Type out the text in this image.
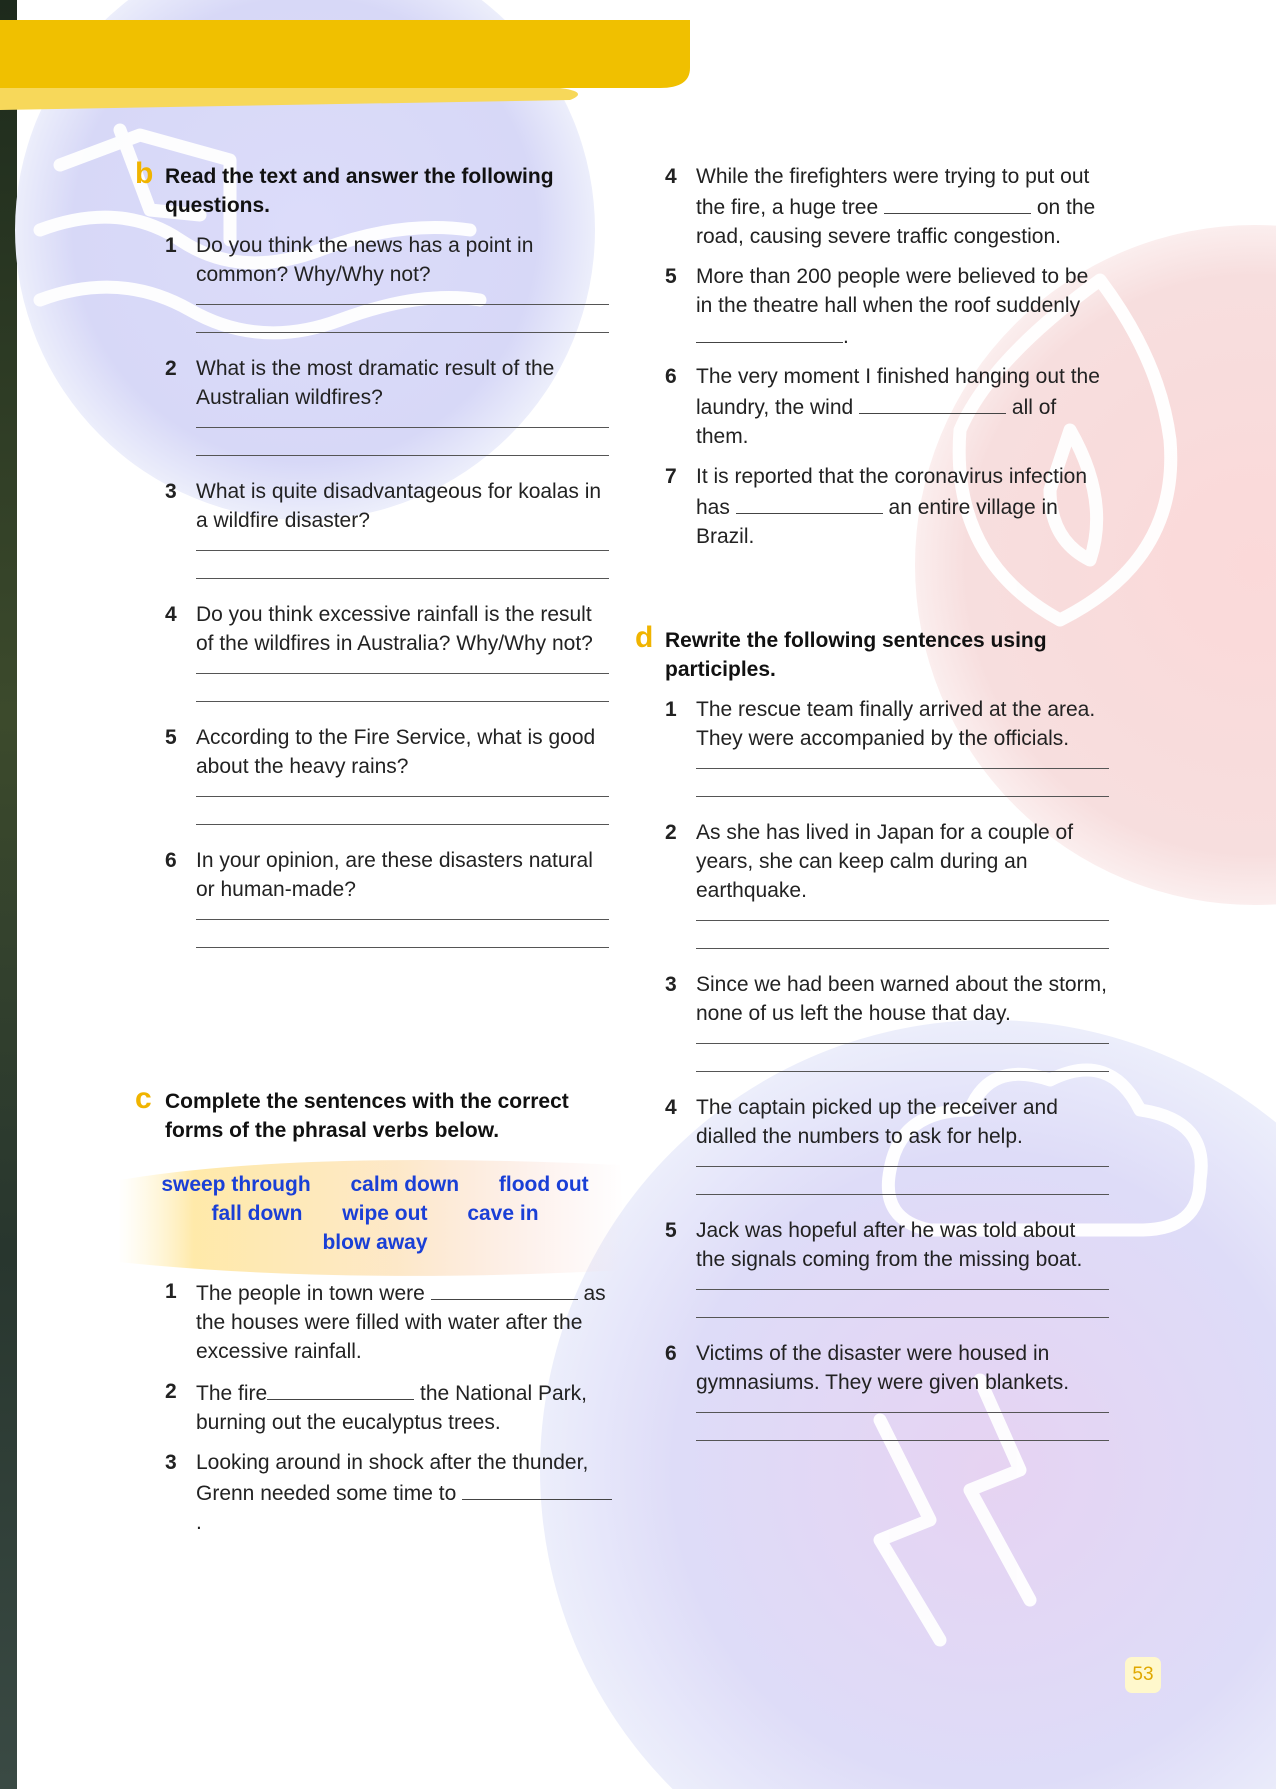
b Read the text and answer the following questions.
1 Do you think the news has a point in common? Why/Why not?
2 What is the most dramatic result of the Australian wildfires?
3 What is quite disadvantageous for koalas in a wildfire disaster?
4 Do you think excessive rainfall is the result of the wildfires in Australia? Why/Why not?
5 According to the Fire Service, what is good about the heavy rains?
6 In your opinion, are these disasters natural or human-made?
c Complete the sentences with the correct forms of the phrasal verbs below.
sweep through calm down flood out
fall down wipe out cave in
blow away
1 The people in town were	as the houses were filled with water after the excessive rainfall.
2 The fire	the National Park, burning out the eucalyptus trees.
3 Looking around in shock after the thunder, Grenn needed some time to .
4 While the firefighters were trying to put out the fire, a huge tree	on the road, causing severe traffic congestion.
5 More than 200 people were believed to be in the theatre hall when the roof suddenly .
6 The very moment I finished hanging out the laundry, the wind	all of them.
7 It is reported that the coronavirus infection has	an entire village in Brazil.
d Rewrite the following sentences using participles.
1 The rescue team finally arrived at the area. They were accompanied by the officials.
2 As she has lived in Japan for a couple of years, she can keep calm during an earthquake.
3 Since we had been warned about the storm, none of us left the house that day.
4 The captain picked up the receiver and dialled the numbers to ask for help.
5 Jack was hopeful after he was told about the signals coming from the missing boat.
6 Victims of the disaster were housed in gymnasiums. They were given blankets.
53
